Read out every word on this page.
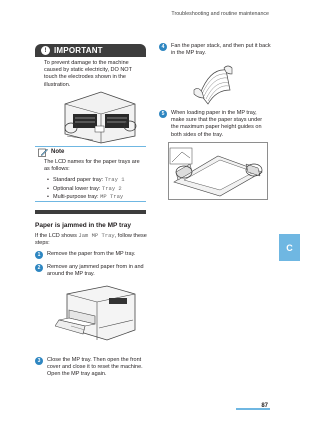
Troubleshooting and routine maintenance
! IMPORTANT
To prevent damage to the machine caused by static electricity, DO NOT touch the electrodes shown in the illustration.
Note
The LCD names for the paper trays are as follows:
• Standard paper tray: Tray 1
• Optional lower tray: Tray 2
• Multi-purpose tray: MP Tray
Paper is jammed in the MP tray
If the LCD shows Jam MP Tray, follow these steps:
1	Remove the paper from the MP tray.
2	Remove any jammed paper from in and around the MP tray.
3	Close the MP tray. Then open the front cover and close it to reset the machine. Open the MP tray again.
4	Fan the paper stack, and then put it back in the MP tray.
5	When loading paper in the MP tray, make sure that the paper stays under the maximum paper height guides on both sides of the tray.
C
87
